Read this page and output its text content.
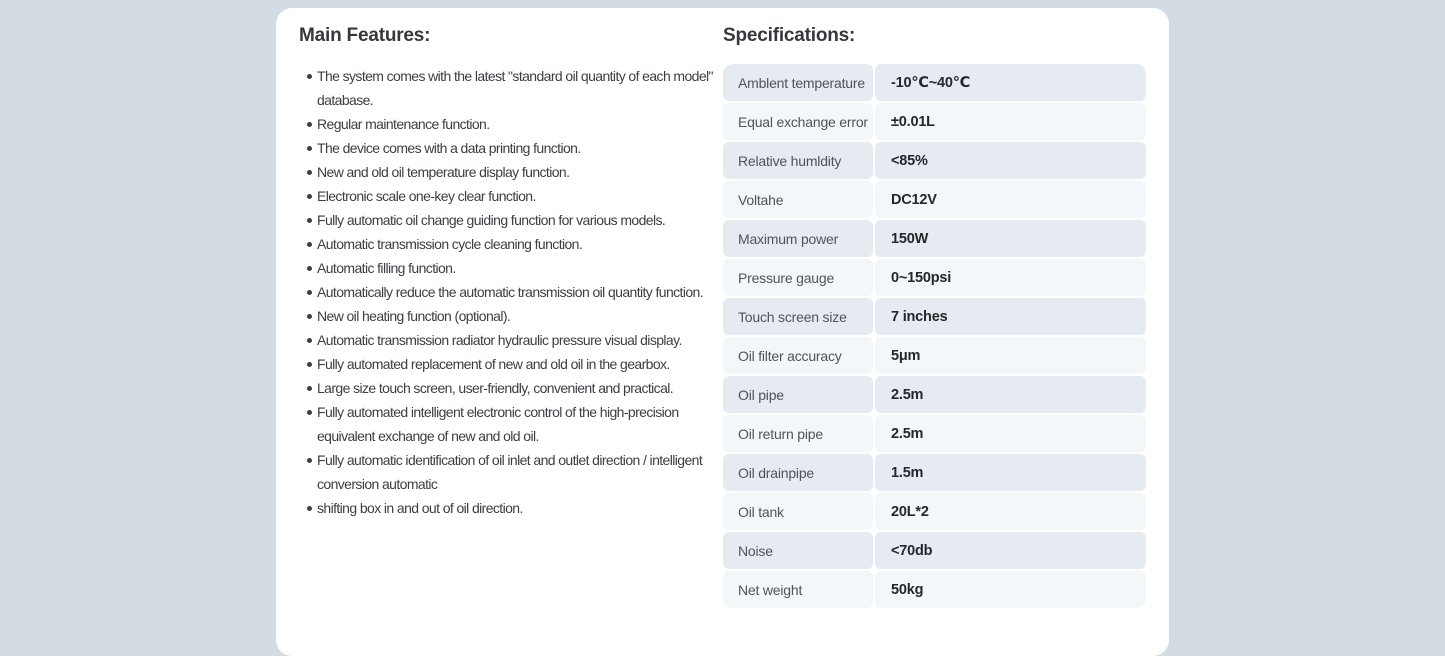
Main Features:
The system comes with the latest "standard oil quantity of each model" database.
Regular maintenance function.
The device comes with a data printing function.
New and old oil temperature display function.
Electronic scale one-key clear function.
Fully automatic oil change guiding function for various models.
Automatic transmission cycle cleaning function.
Automatic filling function.
Automatically reduce the automatic transmission oil quantity function.
New oil heating function (optional).
Automatic transmission radiator hydraulic pressure visual display.
Fully automated replacement of new and old oil in the gearbox.
Large size touch screen, user-friendly, convenient and practical.
Fully automated intelligent electronic control of the high-precision equivalent exchange of new and old oil.
Fully automatic identification of oil inlet and outlet direction / intelligent conversion automatic
shifting box in and out of oil direction.
Specifications:
Amblent temperature	-10℃~40℃
Equal exchange error	±0.01L
Relative humldity	<85%
Voltahe	DC12V
Maximum power	150W
Pressure gauge	0~150psi
Touch screen size	7 inches
Oil filter accuracy	5μm
Oil pipe	2.5m
Oil return pipe	2.5m
Oil drainpipe	1.5m
Oil tank	20L*2
Noise	<70db
Net weight	50kg
